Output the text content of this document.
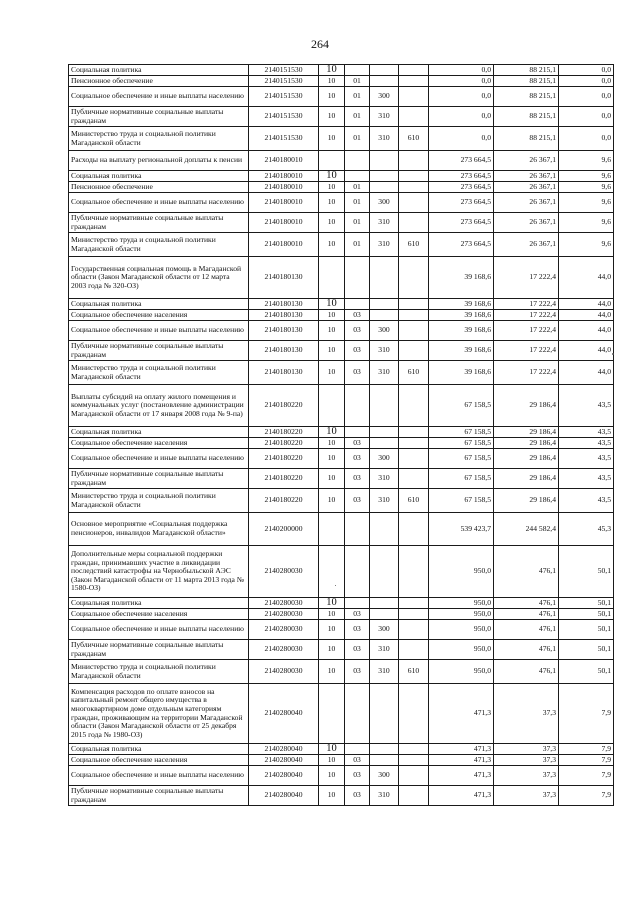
264
Социальная политика	2140151530	10				0,0	88 215,1	0,0
Пенсионное обеспечение	2140151530	10	01			0,0	88 215,1	0,0
Социальное обеспечение и иные выплаты населению	2140151530	10	01	300		0,0	88 215,1	0,0
Публичные нормативные социальные выплаты гражданам	2140151530	10	01	310		0,0	88 215,1	0,0
Министерство труда и социальной политики Магаданской области	2140151530	10	01	310	610	0,0	88 215,1	0,0
Расходы на выплату региональной доплаты к пенсии	2140180010					273 664,5	26 367,1	9,6
Социальная политика	2140180010	10				273 664,5	26 367,1	9,6
Пенсионное обеспечение	2140180010	10	01			273 664,5	26 367,1	9,6
Социальное обеспечение и иные выплаты населению	2140180010	10	01	300		273 664,5	26 367,1	9,6
Публичные нормативные социальные выплаты гражданам	2140180010	10	01	310		273 664,5	26 367,1	9,6
Министерство труда и социальной политики Магаданской области	2140180010	10	01	310	610	273 664,5	26 367,1	9,6
Государственная социальная помощь в Магаданской области (Закон Магаданской области от 12 марта 2003 года № 320-ОЗ)	2140180130					39 168,6	17 222,4	44,0
Социальная политика	2140180130	10				39 168,6	17 222,4	44,0
Социальное обеспечение населения	2140180130	10	03			39 168,6	17 222,4	44,0
Социальное обеспечение и иные выплаты населению	2140180130	10	03	300		39 168,6	17 222,4	44,0
Публичные нормативные социальные выплаты гражданам	2140180130	10	03	310		39 168,6	17 222,4	44,0
Министерство труда и социальной политики Магаданской области	2140180130	10	03	310	610	39 168,6	17 222,4	44,0
Выплаты субсидий на оплату жилого помещения и коммунальных услуг (постановление администрации Магаданской области от 17 января 2008 года № 9-па)	2140180220					67 158,5	29 186,4	43,5
Социальная политика	2140180220	10				67 158,5	29 186,4	43,5
Социальное обеспечение населения	2140180220	10	03			67 158,5	29 186,4	43,5
Социальное обеспечение и иные выплаты населению	2140180220	10	03	300		67 158,5	29 186,4	43,5
Публичные нормативные социальные выплаты гражданам	2140180220	10	03	310		67 158,5	29 186,4	43,5
Министерство труда и социальной политики Магаданской области	2140180220	10	03	310	610	67 158,5	29 186,4	43,5
Основное мероприятие «Социальная поддержка пенсионеров, инвалидов Магаданской области»	2140200000					539 423,7	244 582,4	45,3
Дополнительные меры социальной поддержки граждан, принимавших участие в ликвидации последствий катастрофы на Чернобыльской АЭС (Закон Магаданской области от 11 марта 2013 года № 1580-ОЗ)	2140280030					950,0	476,1	50,1
Социальная политика	2140280030	10				950,0	476,1	50,1
Социальное обеспечение населения	2140280030	10	03			950,0	476,1	50,1
Социальное обеспечение и иные выплаты населению	2140280030	10	03	300		950,0	476,1	50,1
Публичные нормативные социальные выплаты гражданам	2140280030	10	03	310		950,0	476,1	50,1
Министерство труда и социальной политики Магаданской области	2140280030	10	03	310	610	950,0	476,1	50,1
Компенсация расходов по оплате взносов на капитальный ремонт общего имущества в многоквартирном доме отдельным категориям граждан, проживающим на территории Магаданской области (Закон Магаданской области от 25 декабря 2015 года № 1980-ОЗ)	2140280040					471,3	37,3	7,9
Социальная политика	2140280040	10				471,3	37,3	7,9
Социальное обеспечение населения	2140280040	10	03			471,3	37,3	7,9
Социальное обеспечение и иные выплаты населению	2140280040	10	03	300		471,3	37,3	7,9
Публичные нормативные социальные выплаты гражданам	2140280040	10	03	310		471,3	37,3	7,9
